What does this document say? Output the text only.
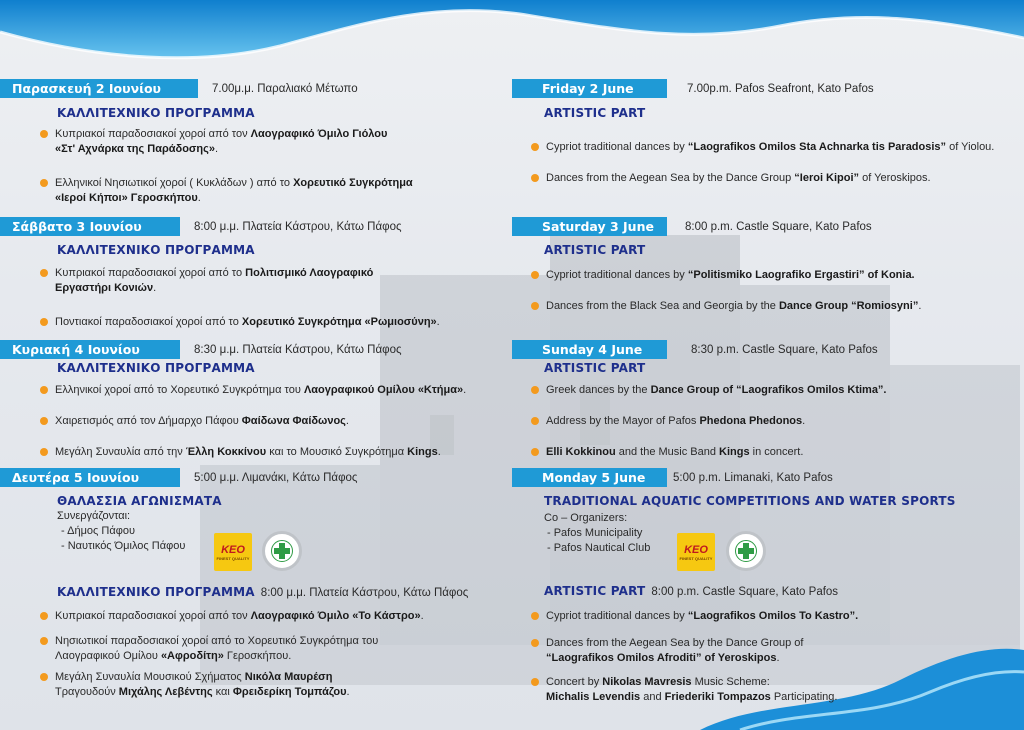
Παρασκευή 2 Ιουνίου	7.00μ.μ. Παραλιακό Μέτωπο
ΚΑΛΛΙΤΕΧΝΙΚΟ ΠΡΟΓΡΑΜΜΑ
Κυπριακοί παραδοσιακοί χοροί από τον Λαογραφικό Όμιλο Γιόλου
«Στ' Αχνάρκα της Παράδοσης».
Ελληνικοί Νησιωτικοί χοροί ( Κυκλάδων ) από το Χορευτικό Συγκρότημα
«Ιεροί Κήποι» Γεροσκήπου.
Σάββατο 3 Ιουνίου	8:00 μ.μ. Πλατεία Κάστρου, Κάτω Πάφος
ΚΑΛΛΙΤΕΧΝΙΚΟ ΠΡΟΓΡΑΜΜΑ
Κυπριακοί παραδοσιακοί χοροί από το Πολιτισμικό Λαογραφικό
Εργαστήρι Κονιών.
Ποντιακοί παραδοσιακοί χοροί από το Χορευτικό Συγκρότημα «Ρωμιοσύνη».
Κυριακή 4 Ιουνίου	8:30 μ.μ. Πλατεία Κάστρου, Κάτω Πάφος
ΚΑΛΛΙΤΕΧΝΙΚΟ ΠΡΟΓΡΑΜΜΑ
Ελληνικοί χοροί από το Χορευτικό Συγκρότημα του Λαογραφικού Ομίλου «Κτήμα».
Χαιρετισμός από τον Δήμαρχο Πάφου Φαίδωνα Φαίδωνος.
Μεγάλη Συναυλία από την Έλλη Κοκκίνου και το Μουσικό Συγκρότημα Kings.
Δευτέρα 5 Ιουνίου	5:00 μ.μ. Λιμανάκι, Κάτω Πάφος
ΘΑΛΑΣΣΙΑ ΑΓΩΝΙΣΜΑΤΑ
Συνεργάζονται:
- Δήμος Πάφου
- Ναυτικός Όμιλος Πάφου	KEO
FINEST QUALITY
ΚΑΛΛΙΤΕΧΝΙΚΟ ΠΡΟΓΡΑΜΜΑ 8:00 μ.μ. Πλατεία Κάστρου, Κάτω Πάφος
Κυπριακοί παραδοσιακοί χοροί από τον Λαογραφικό Όμιλο «Το Κάστρο».
Νησιωτικοί παραδοσιακοί χοροί από το Χορευτικό Συγκρότημα του
Λαογραφικού Ομίλου «Αφροδίτη» Γεροσκήπου.
Μεγάλη Συναυλία Μουσικού Σχήματος Νικόλα Μαυρέση
Τραγουδούν Μιχάλης Λεβέντης και Φρειδερίκη Τομπάζου.
Friday 2 June	7.00p.m. Pafos Seafront, Kato Pafos
ARTISTIC PART
Cypriot traditional dances by “Laografikos Omilos Sta Achnarka tis Paradosis” of Yiolou.
Dances from the Aegean Sea by the Dance Group “Ieroi Kipoi” of Yeroskipos.
Saturday 3 June	8:00 p.m. Castle Square, Kato Pafos
ARTISTIC PART
Cypriot traditional dances by “Politismiko Laografiko Ergastiri” of Konia.
Dances from the Black Sea and Georgia by the Dance Group “Romiosyni”.
Sunday 4 June	8:30 p.m. Castle Square, Kato Pafos
ARTISTIC PART
Greek dances by the Dance Group of “Laografikos Omilos Ktima”.
Address by the Mayor of Pafos Phedona Phedonos.
Elli Kokkinou and the Music Band Kings in concert.
Monday 5 June	5:00 p.m. Limanaki, Kato Pafos
TRADITIONAL AQUATIC COMPETITIONS AND WATER SPORTS
Co – Organizers:
- Pafos Municipality
- Pafos Nautical Club	KEO
FINEST QUALITY
ARTISTIC PART 8:00 p.m. Castle Square, Kato Pafos
Cypriot traditional dances by “Laografikos Omilos To Kastro”.
Dances from the Aegean Sea by the Dance Group of
“Laografikos Omilos Afroditi” of Yeroskipos.
Concert by Nikolas Mavresis Music Scheme:
Michalis Levendis and Friederiki Tompazos Participating.
